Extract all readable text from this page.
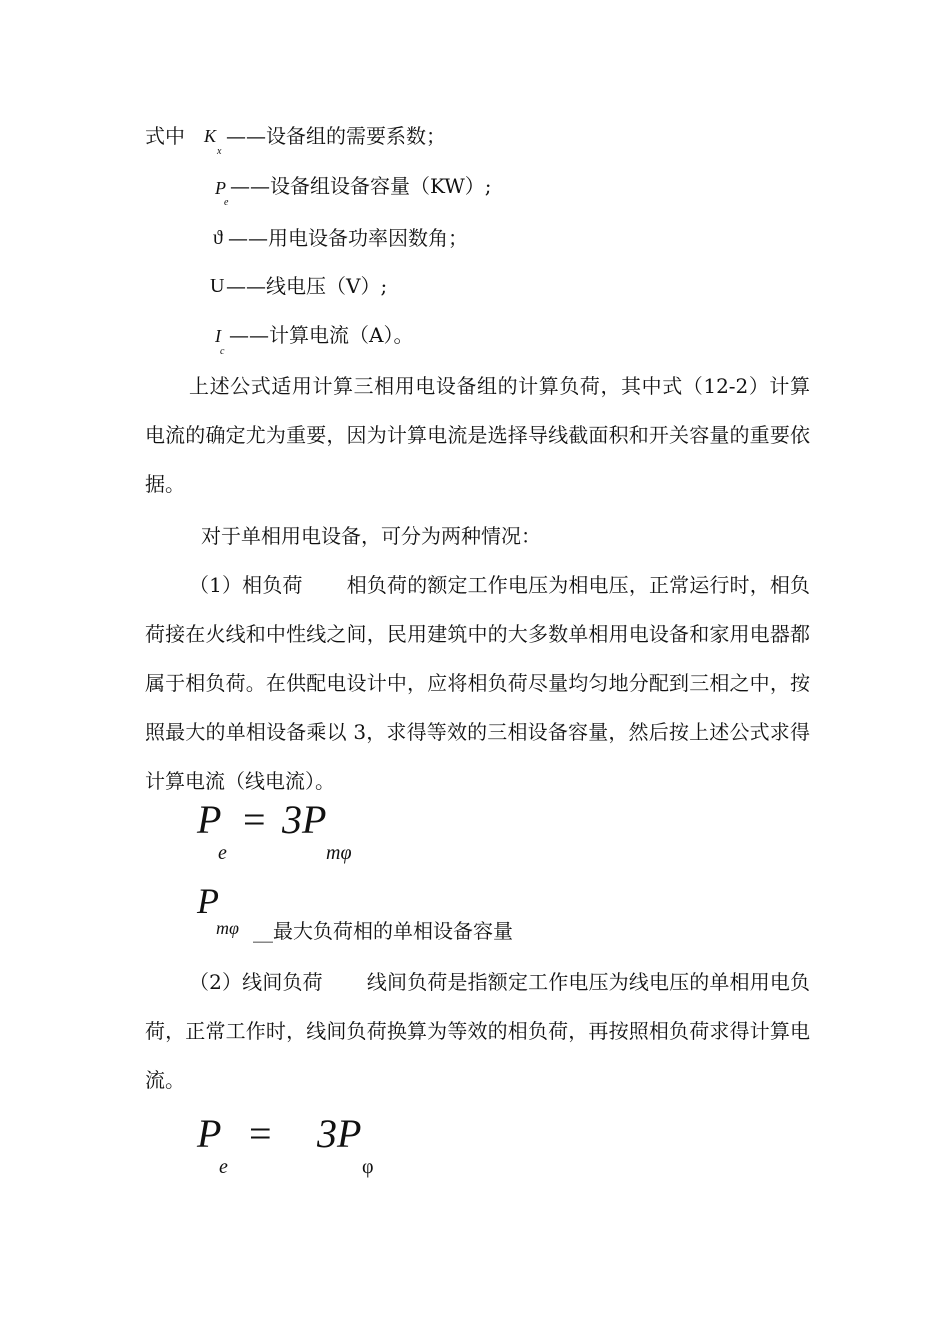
式中 K
x
——设备组的需要系数；
P
e
——设备组设备容量（KW）;
ϑ ——用电设备功率因数角；
U ——线电压（V）;
I
c
——计算电流（A）。
上述公式适用计算三相用电设备组的计算负荷，其中式（12-2）计算电流的确定尤为重要，因为计算电流是选择导线截面积和开关容量的重要依据。
对于单相用电设备，可分为两种情况：
（1）相负荷 相负荷的额定工作电压为相电压，正常运行时，相负荷接在火线和中性线之间，民用建筑中的大多数单相用电设备和家用电器都属于相负荷。在供配电设计中，应将相负荷尽量均匀地分配到三相之中，按照最大的单相设备乘以 3，求得等效的三相设备容量，然后按上述公式求得计算电流（线电流）。
P
e
= 3P
mφ
P
mφ __最大负荷相的单相设备容量
（2）线间负荷 线间负荷是指额定工作电压为线电压的单相用电负荷，正常工作时，线间负荷换算为等效的相负荷，再按照相负荷求得计算电流。
P
e
= 3P
φ
